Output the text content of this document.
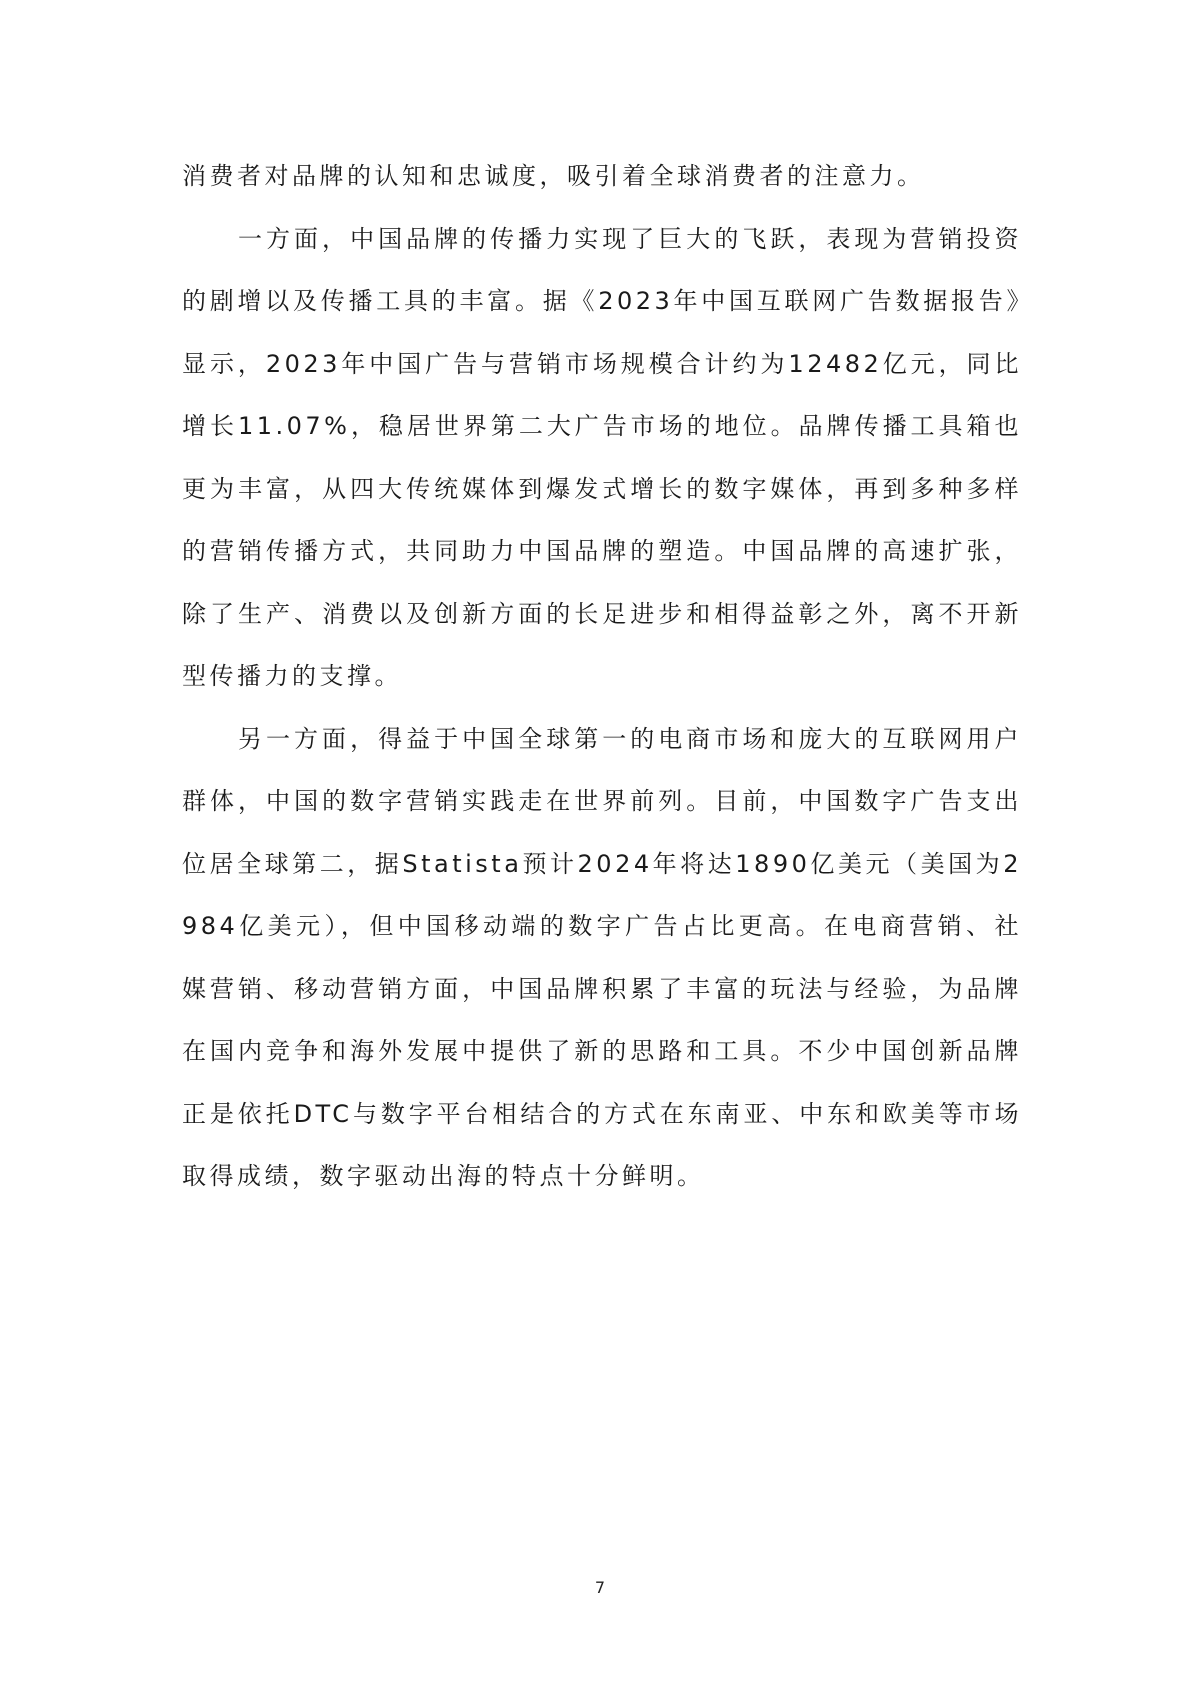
消费者对品牌的认知和忠诚度，吸引着全球消费者的注意力。

一方面，中国品牌的传播力实现了巨大的飞跃，表现为营销投资的剧增以及传播工具的丰富。据《2023年中国互联网广告数据报告》显示，2023年中国广告与营销市场规模合计约为12482亿元，同比增长11.07%，稳居世界第二大广告市场的地位。品牌传播工具箱也更为丰富，从四大传统媒体到爆发式增长的数字媒体，再到多种多样的营销传播方式，共同助力中国品牌的塑造。中国品牌的高速扩张，除了生产、消费以及创新方面的长足进步和相得益彰之外，离不开新型传播力的支撑。

另一方面，得益于中国全球第一的电商市场和庞大的互联网用户群体，中国的数字营销实践走在世界前列。目前，中国数字广告支出位居全球第二，据Statista预计2024年将达1890亿美元（美国为2984亿美元），但中国移动端的数字广告占比更高。在电商营销、社媒营销、移动营销方面，中国品牌积累了丰富的玩法与经验，为品牌在国内竞争和海外发展中提供了新的思路和工具。不少中国创新品牌正是依托DTC与数字平台相结合的方式在东南亚、中东和欧美等市场取得成绩，数字驱动出海的特点十分鲜明。

7
